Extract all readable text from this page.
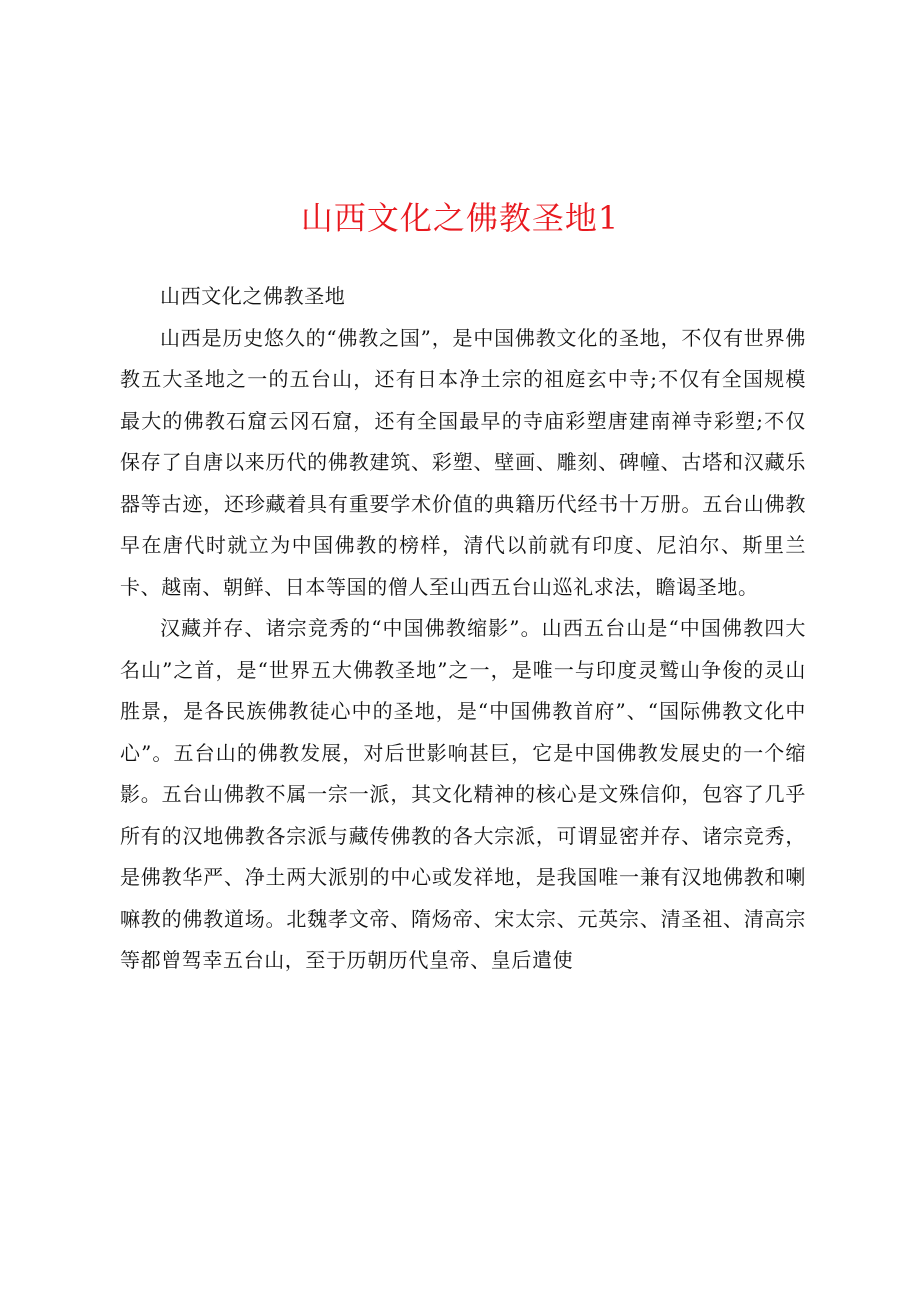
山西文化之佛教圣地1

山西文化之佛教圣地

山西是历史悠久的“佛教之国”，是中国佛教文化的圣地，不仅有世界佛教五大圣地之一的五台山，还有日本净土宗的祖庭玄中寺;不仅有全国规模最大的佛教石窟云冈石窟，还有全国最早的寺庙彩塑唐建南禅寺彩塑;不仅保存了自唐以来历代的佛教建筑、彩塑、壁画、雕刻、碑幢、古塔和汉藏乐器等古迹，还珍藏着具有重要学术价值的典籍历代经书十万册。五台山佛教早在唐代时就立为中国佛教的榜样，清代以前就有印度、尼泊尔、斯里兰卡、越南、朝鲜、日本等国的僧人至山西五台山巡礼求法，瞻谒圣地。

汉藏并存、诸宗竞秀的“中国佛教缩影”。山西五台山是“中国佛教四大名山”之首，是“世界五大佛教圣地”之一，是唯一与印度灵鹫山争俊的灵山胜景，是各民族佛教徒心中的圣地，是“中国佛教首府”、“国际佛教文化中心”。五台山的佛教发展，对后世影响甚巨，它是中国佛教发展史的一个缩影。五台山佛教不属一宗一派，其文化精神的核心是文殊信仰，包容了几乎所有的汉地佛教各宗派与藏传佛教的各大宗派，可谓显密并存、诸宗竞秀，是佛教华严、净土两大派别的中心或发祥地，是我国唯一兼有汉地佛教和喇嘛教的佛教道场。北魏孝文帝、隋炀帝、宋太宗、元英宗、清圣祖、清高宗等都曾驾幸五台山，至于历朝历代皇帝、皇后遣使
